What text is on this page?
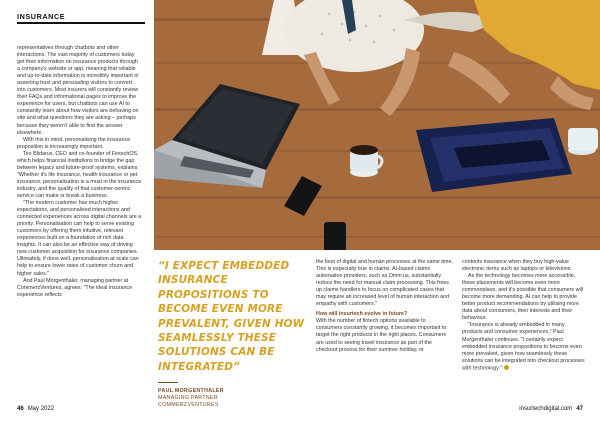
INSURANCE

representatives through chatbots and other interactions. The vast majority of customers today get their information on insurance products through a company's website or app, meaning that reliable and up-to-date information is incredibly important in asserting trust and persuading visitors to convert into customers. Most insurers will constantly review their FAQs and informational pages to improve the experience for users, but chatbots can use AI to constantly learn about how visitors are behaving on site and what questions they are asking – perhaps because they weren't able to find the answer elsewhere.

With this in mind, personalising the insurance proposition is increasingly important.

Teo Blidarus, CEO and co-founder of FintechOS, which helps financial institutions to bridge the gap between legacy and future-proof systems, explains: "Whether it's life insurance, health insurance or pet insurance, personalisation is a must in the insurance industry, and the quality of that customer-centric service can make or break a business.

"The modern customer has much higher expectations, and personalised interactions and connected experiences across digital channels are a priority. Personalisation can help to serve existing customers by offering them intuitive, relevant experiences built on a foundation of rich data insights. It can also be an effective way of driving new customer acquisition for insurance companies. Ultimately, if done well, personalisation at scale can help to ensure lower rates of customer churn and higher sales."

And Paul Morgenthaler, managing partner at CommerzVentures, agrees: "The ideal insurance experience reflects

“I EXPECT EMBEDDED INSURANCE PROPOSITIONS TO BECOME EVEN MORE PREVALENT, GIVEN HOW SEAMLESSLY THESE SOLUTIONS CAN BE INTEGRATED”
PAUL MORGENTHALER
MANAGING PARTNER
COMMERZVENTURES

the best of digital and human processes at the same time. This is especially true in claims. AI-based claims automation providers, such as Omni:us, substantially reduce the need for manual claim processing. This frees up claims handlers to focus on complicated cases that may require an increased level of human interaction and empathy with customers."

How will insurtech evolve in future?

With the number of fintech options available to consumers constantly growing, it becomes important to target the right products in the right places. Consumers are used to seeing travel insurance as part of the checkout process for their summer holiday, or

contents insurance when they buy high-value electronic items such as laptops or televisions.

As the technology becomes more accessible, these placements will become even more commonplace, and it's possible that consumers will become more demanding. AI can help to provide better product recommendations by utilising more data about consumers, their interests and their behaviour.

"Insurance is already embedded in many products and consumer experiences," Paul Morgenthaler continues. "I certainly expect embedded insurance propositions to become even more prevalent, given how seamlessly these solutions can be integrated into checkout processes with technology."

46 May 2022	insurtechdigital.com 47
